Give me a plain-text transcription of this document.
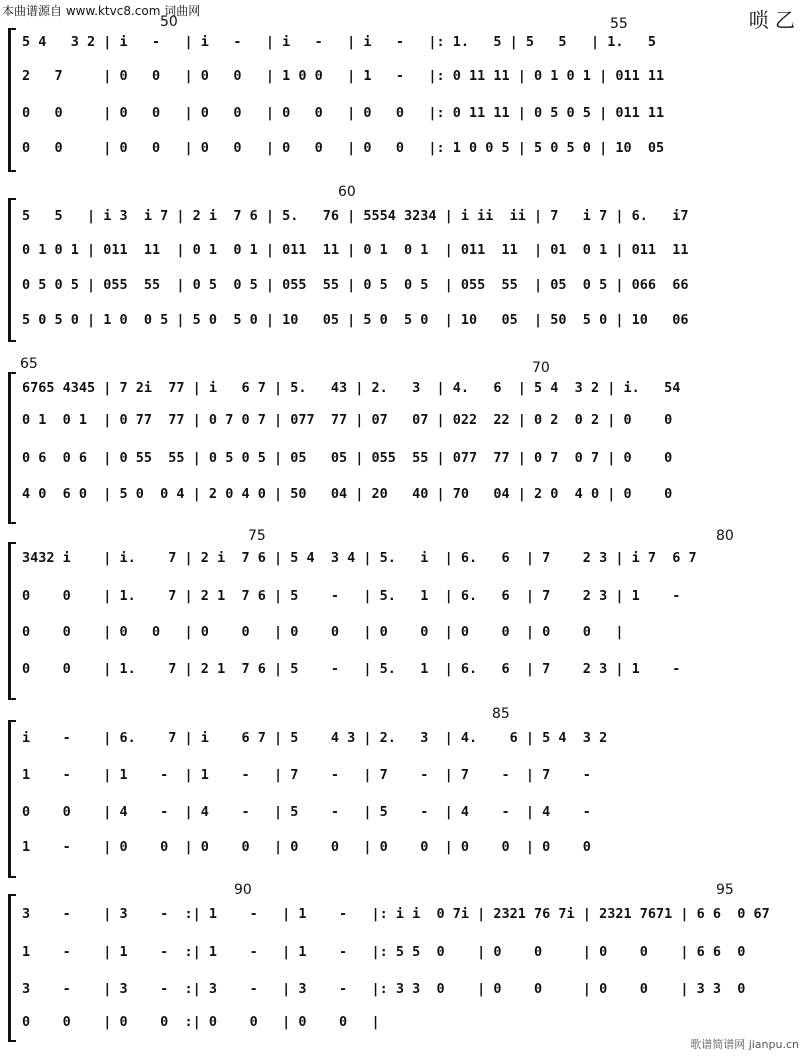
本曲谱源自 www.ktvc8.com 词曲网	唢 乙
50	55
5 4   3 2 | i   -   | i   -   | i   -   | i   -   |: 1.   5 | 5   5   | 1.   5
2   7     | 0   0   | 0   0   | 1 0 0   | 1   -   |: 0 11 11 | 0 1 0 1 | 011 11
0   0     | 0   0   | 0   0   | 0   0   | 0   0   |: 0 11 11 | 0 5 0 5 | 011 11
0   0     | 0   0   | 0   0   | 0   0   | 0   0   |: 1 0 0 5 | 5 0 5 0 | 10  05
60
5   5   | i 3  i 7 | 2 i  7 6 | 5.   76 | 5554 3234 | i ii  ii | 7   i 7 | 6.   i7
0 1 0 1 | 011  11  | 0 1  0 1 | 011  11 | 0 1  0 1  | 011  11  | 01  0 1 | 011  11
0 5 0 5 | 055  55  | 0 5  0 5 | 055  55 | 0 5  0 5  | 055  55  | 05  0 5 | 066  66
5 0 5 0 | 1 0  0 5 | 5 0  5 0 | 10   05 | 5 0  5 0  | 10   05  | 50  5 0 | 10   06
65	70
6765 4345 | 7 2i  77 | i   6 7 | 5.   43 | 2.   3  | 4.   6  | 5 4  3 2 | i.   54
0 1  0 1  | 0 77  77 | 0 7 0 7 | 077  77 | 07   07 | 022  22 | 0 2  0 2 | 0    0
0 6  0 6  | 0 55  55 | 0 5 0 5 | 05   05 | 055  55 | 077  77 | 0 7  0 7 | 0    0
4 0  6 0  | 5 0  0 4 | 2 0 4 0 | 50   04 | 20   40 | 70   04 | 2 0  4 0 | 0    0
75	80
3432 i    | i.    7 | 2 i  7 6 | 5 4  3 4 | 5.   i  | 6.   6  | 7    2 3 | i 7  6 7
0    0    | 1.    7 | 2 1  7 6 | 5    -   | 5.   1  | 6.   6  | 7    2 3 | 1    -
0    0    | 0   0   | 0    0   | 0    0   | 0    0  | 0    0  | 0    0   |
0    0    | 1.    7 | 2 1  7 6 | 5    -   | 5.   1  | 6.   6  | 7    2 3 | 1    -
85
i    -    | 6.    7 | i    6 7 | 5    4 3 | 2.   3  | 4.    6 | 5 4  3 2
1    -    | 1    -  | 1    -   | 7    -   | 7    -  | 7    -  | 7    -
0    0    | 4    -  | 4    -   | 5    -   | 5    -  | 4    -  | 4    -
1    -    | 0    0  | 0    0   | 0    0   | 0    0  | 0    0  | 0    0
90	95
3    -    | 3    -  :| 1    -   | 1    -   |: i i  0 7i | 2321 76 7i | 2321 7671 | 6 6  0 67
1    -    | 1    -  :| 1    -   | 1    -   |: 5 5  0    | 0    0     | 0    0    | 6 6  0
3    -    | 3    -  :| 3    -   | 3    -   |: 3 3  0    | 0    0     | 0    0    | 3 3  0
0    0    | 0    0  :| 0    0   | 0    0   |
歌谱简谱网 jianpu.cn
